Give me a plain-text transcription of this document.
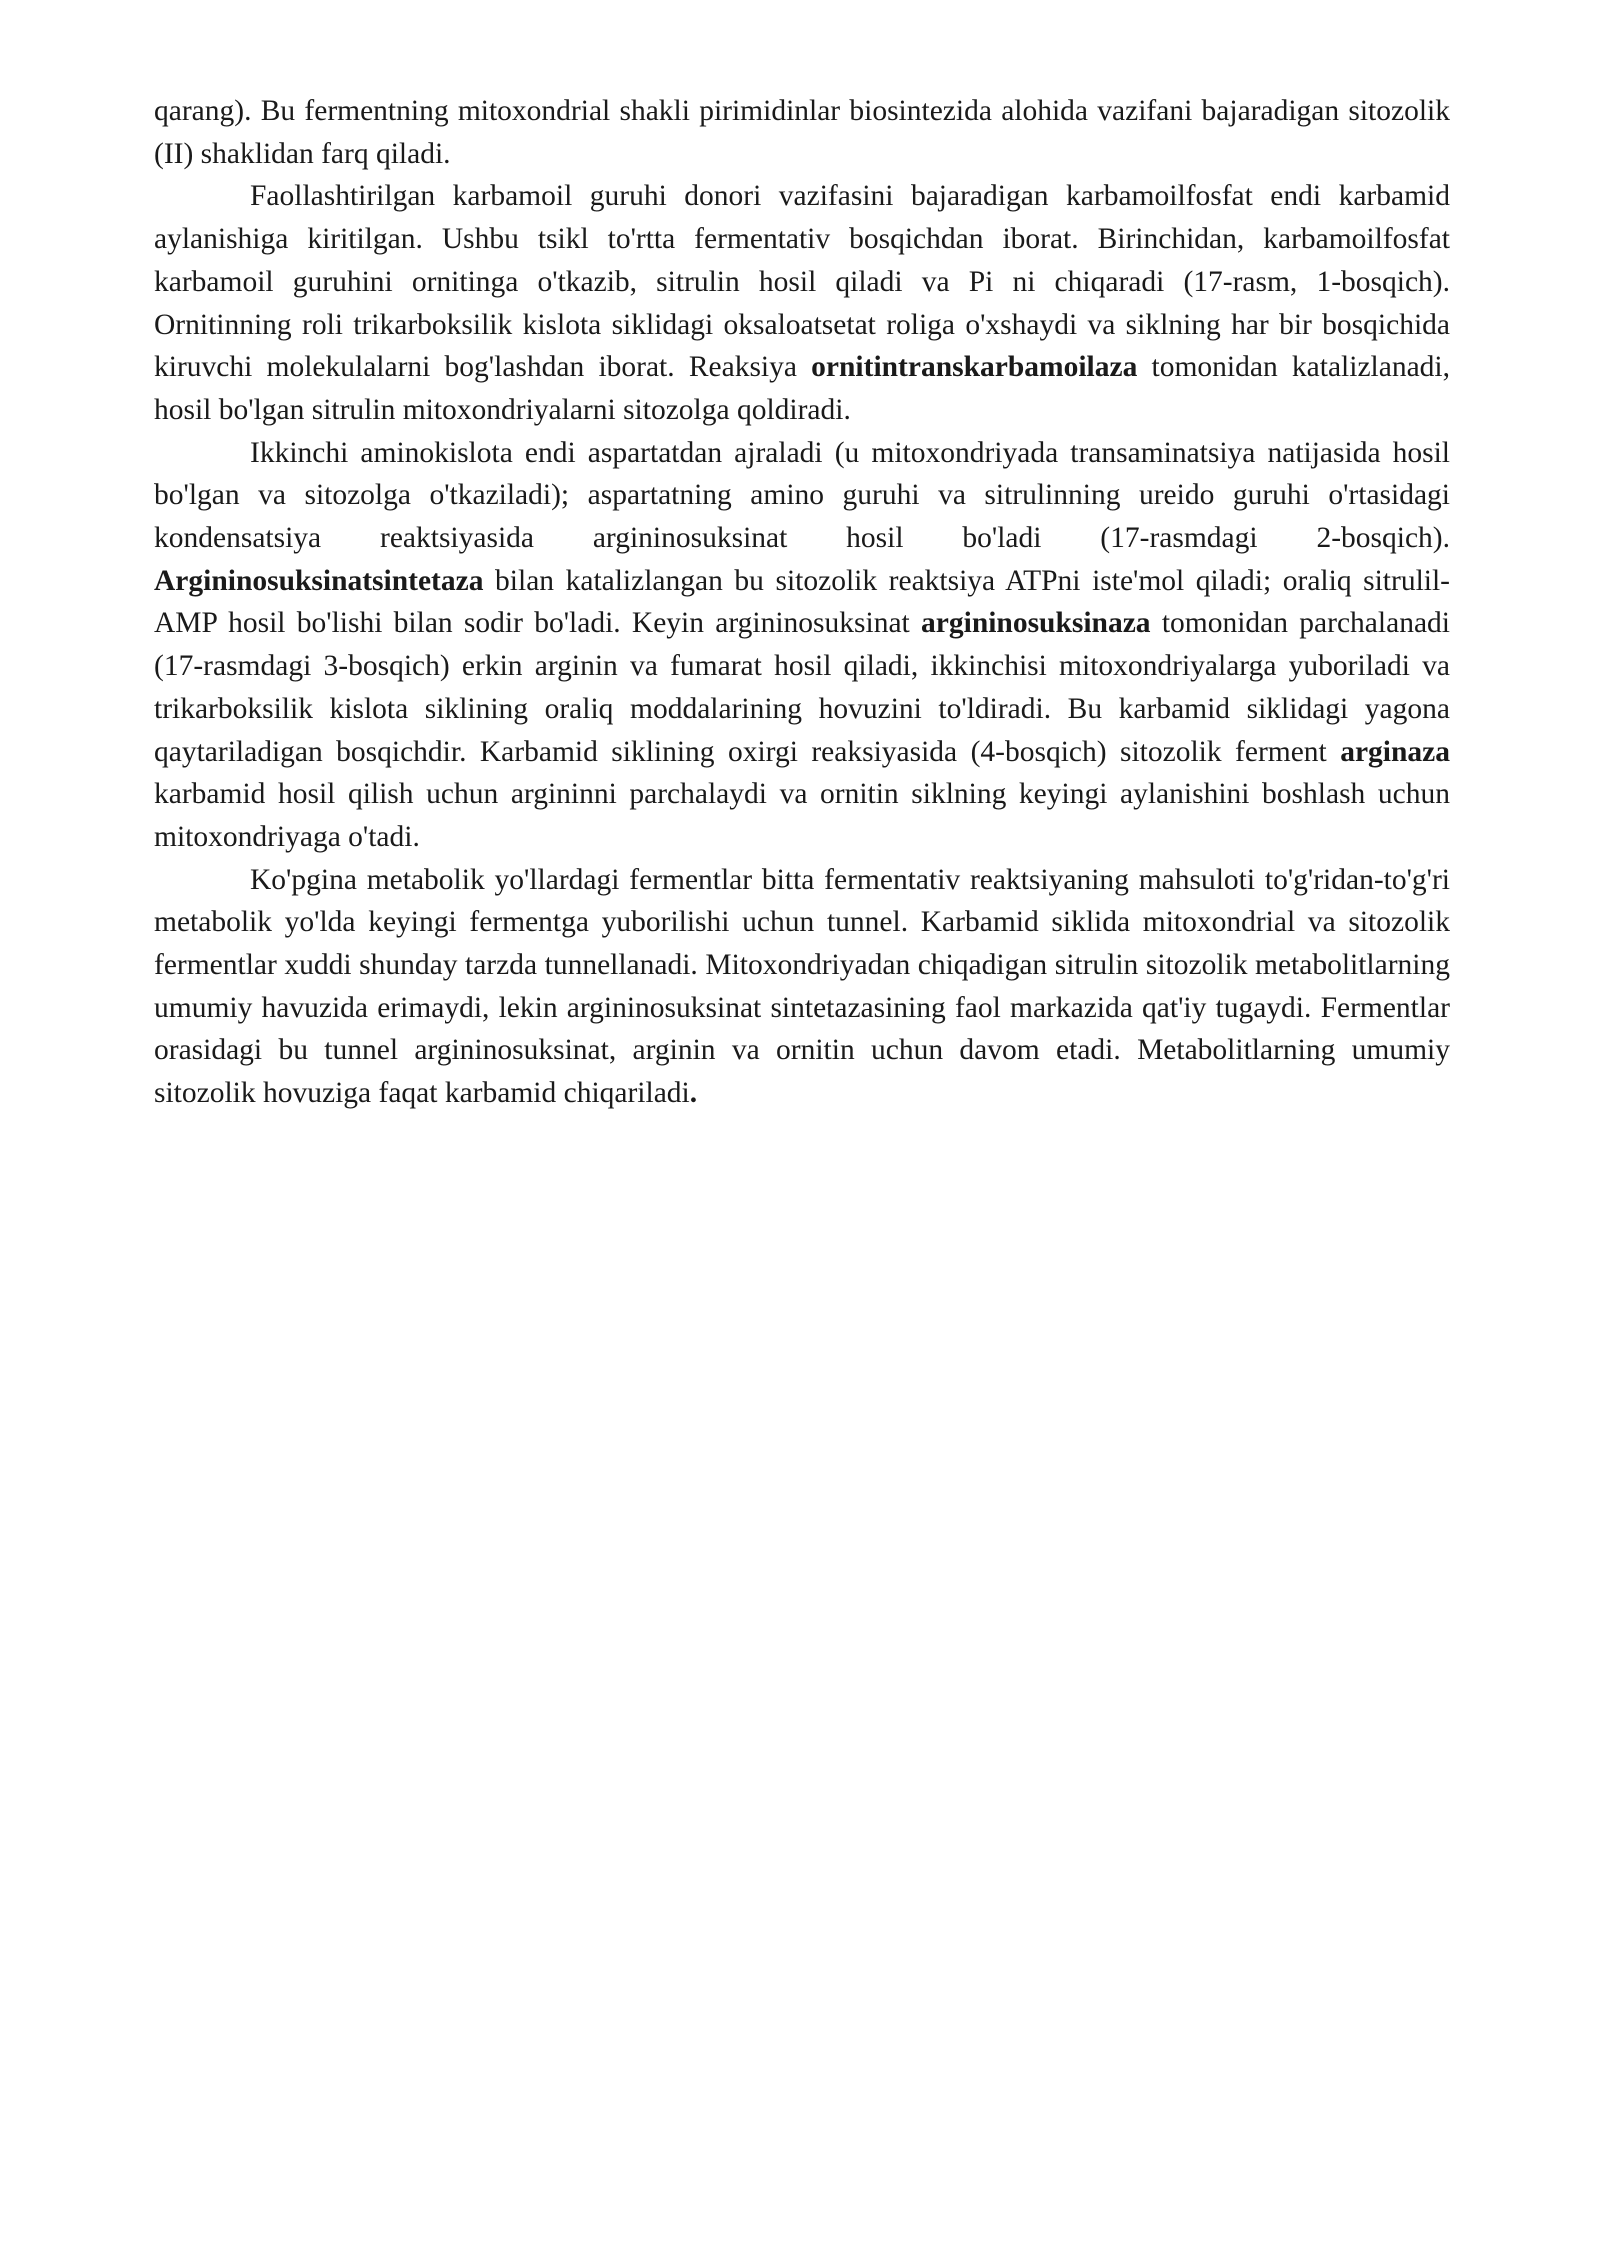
qarang). Bu fermentning mitoxondrial shakli pirimidinlar biosintezida alohida vazifani bajaradigan sitozolik (II) shaklidan farq qiladi.

Faollashtirilgan karbamoil guruhi donori vazifasini bajaradigan karbamoilfosfat endi karbamid aylanishiga kiritilgan. Ushbu tsikl to'rtta fermentativ bosqichdan iborat. Birinchidan, karbamoilfosfat karbamoil guruhini ornitinga o'tkazib, sitrulin hosil qiladi va Pi ni chiqaradi (17-rasm, 1-bosqich). Ornitinning roli trikarboksilik kislota siklidagi oksaloatsetat roliga o'xshaydi va siklning har bir bosqichida kiruvchi molekulalarni bog'lashdan iborat. Reaksiya ornitintranskarbamoilaza tomonidan katalizlanadi, hosil bo'lgan sitrulin mitoxondriyalarni sitozolga qoldiradi.

Ikkinchi aminokislota endi aspartatdan ajraladi (u mitoxondriyada transaminatsiya natijasida hosil bo'lgan va sitozolga o'tkaziladi); aspartatning amino guruhi va sitrulinning ureido guruhi o'rtasidagi kondensatsiya reaktsiyasida argininosuksinat hosil bo'ladi (17-rasmdagi 2-bosqich). Argininosuksinatsintetaza bilan katalizlangan bu sitozolik reaktsiya ATPni iste'mol qiladi; oraliq sitrulil-AMP hosil bo'lishi bilan sodir bo'ladi. Keyin argininosuksinat argininosuksinaza tomonidan parchalanadi (17-rasmdagi 3-bosqich) erkin arginin va fumarat hosil qiladi, ikkinchisi mitoxondriyalarga yuboriladi va trikarboksilik kislota siklining oraliq moddalarining hovuzini to'ldiradi. Bu karbamid siklidagi yagona qaytariladigan bosqichdir. Karbamid siklining oxirgi reaksiyasida (4-bosqich) sitozolik ferment arginaza karbamid hosil qilish uchun argininni parchalaydi va ornitin siklning keyingi aylanishini boshlash uchun mitoxondriyaga o'tadi.

Ko'pgina metabolik yo'llardagi fermentlar bitta fermentativ reaktsiyaning mahsuloti to'g'ridan-to'g'ri metabolik yo'lda keyingi fermentga yuborilishi uchun tunnel. Karbamid siklida mitoxondrial va sitozolik fermentlar xuddi shunday tarzda tunnellanadi. Mitoxondriyadan chiqadigan sitrulin sitozolik metabolitlarning umumiy havuzida erimaydi, lekin argininosuksinat sintetazasining faol markazida qat'iy tugaydi. Fermentlar orasidagi bu tunnel argininosuksinat, arginin va ornitin uchun davom etadi. Metabolitlarning umumiy sitozolik hovuziga faqat karbamid chiqariladi.
